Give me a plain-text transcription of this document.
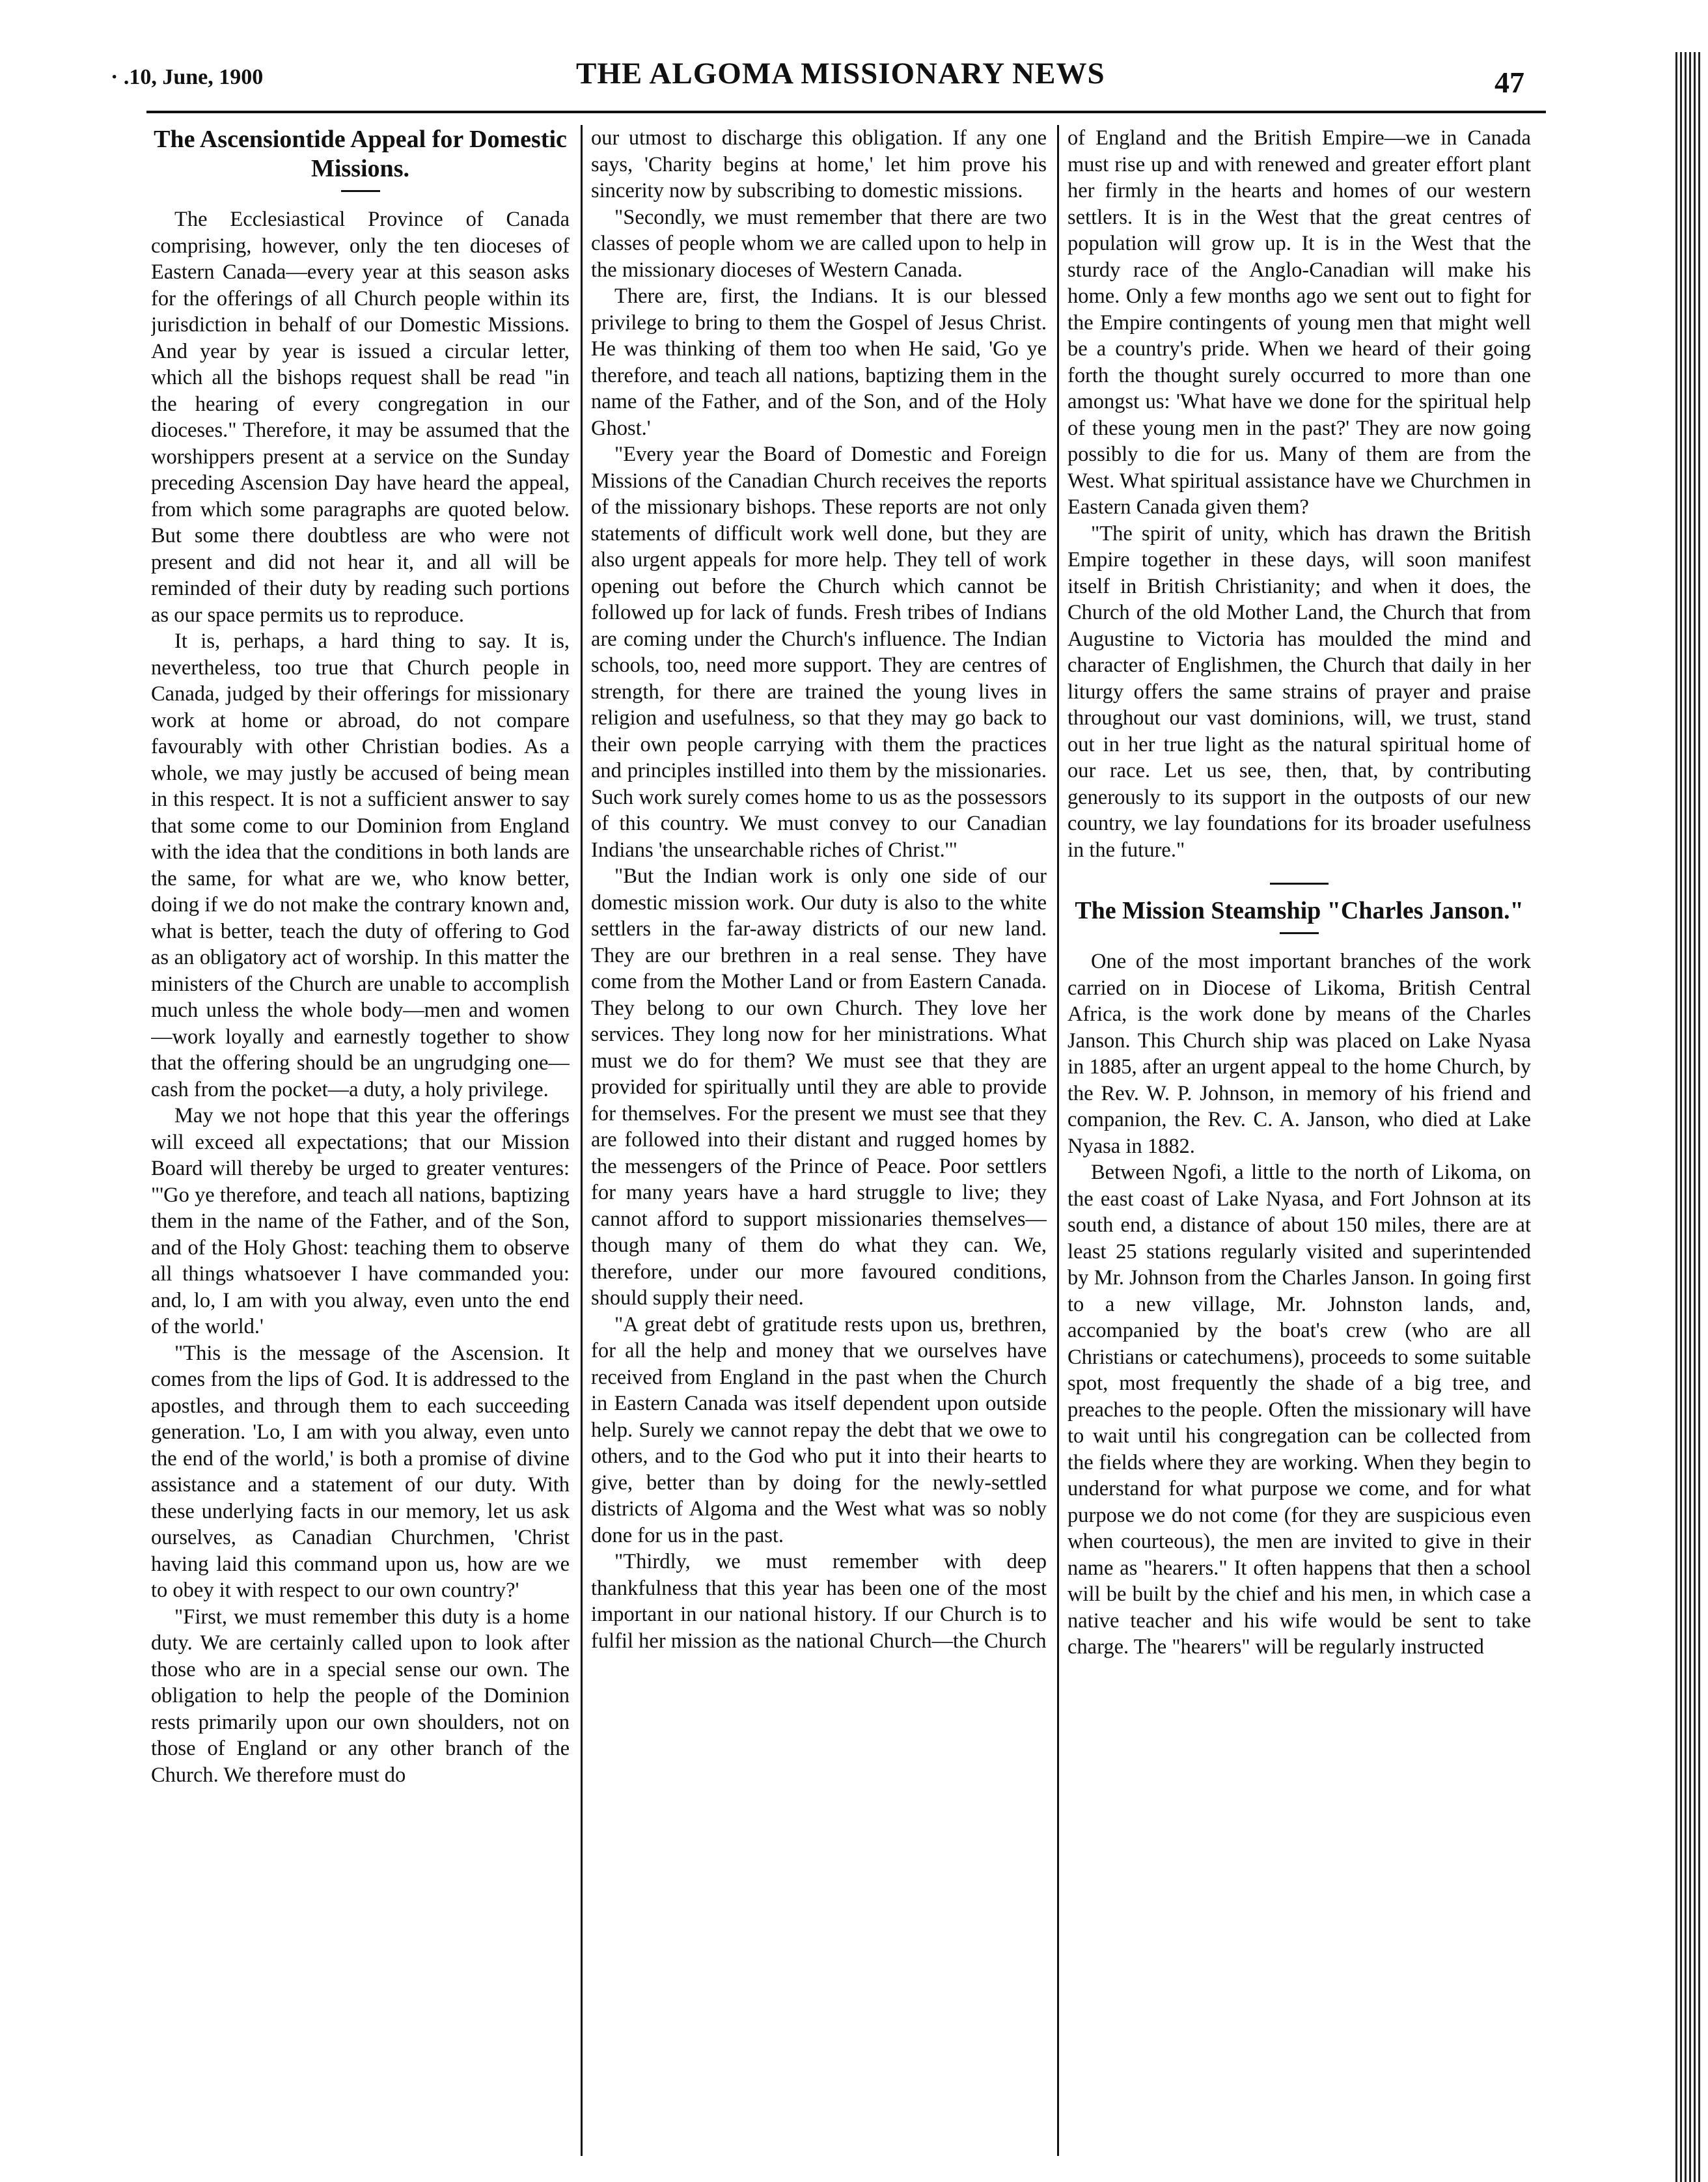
· .10, June, 1900	THE ALGOMA MISSIONARY NEWS	47
The Ascensiontide Appeal for Domestic Missions.

The Ecclesiastical Province of Canada comprising, however, only the ten dioceses of Eastern Canada—every year at this season asks for the offerings of all Church people within its jurisdiction in behalf of our Domestic Missions. And year by year is issued a circular letter, which all the bishops request shall be read "in the hearing of every congregation in our dioceses." Therefore, it may be assumed that the worshippers present at a service on the Sunday preceding Ascension Day have heard the appeal, from which some paragraphs are quoted below. But some there doubtless are who were not present and did not hear it, and all will be reminded of their duty by reading such portions as our space permits us to reproduce.

It is, perhaps, a hard thing to say. It is, nevertheless, too true that Church people in Canada, judged by their offerings for missionary work at home or abroad, do not compare favourably with other Christian bodies. As a whole, we may justly be accused of being mean in this respect. It is not a sufficient answer to say that some come to our Dominion from England with the idea that the conditions in both lands are the same, for what are we, who know better, doing if we do not make the contrary known and, what is better, teach the duty of offering to God as an obligatory act of worship. In this matter the ministers of the Church are unable to accomplish much unless the whole body—men and women—work loyally and earnestly together to show that the offering should be an ungrudging one—cash from the pocket—a duty, a holy privilege.

May we not hope that this year the offerings will exceed all expectations; that our Mission Board will thereby be urged to greater ventures: "'Go ye therefore, and teach all nations, baptizing them in the name of the Father, and of the Son, and of the Holy Ghost: teaching them to observe all things whatsoever I have commanded you: and, lo, I am with you alway, even unto the end of the world.'

"This is the message of the Ascension. It comes from the lips of God. It is addressed to the apostles, and through them to each succeeding generation. 'Lo, I am with you alway, even unto the end of the world,' is both a promise of divine assistance and a statement of our duty. With these underlying facts in our memory, let us ask ourselves, as Canadian Churchmen, 'Christ having laid this command upon us, how are we to obey it with respect to our own country?'

"First, we must remember this duty is a home duty. We are certainly called upon to look after those who are in a special sense our own. The obligation to help the people of the Dominion rests primarily upon our own shoulders, not on those of England or any other branch of the Church. We therefore must do

our utmost to discharge this obligation. If any one says, 'Charity begins at home,' let him prove his sincerity now by subscribing to domestic missions.

"Secondly, we must remember that there are two classes of people whom we are called upon to help in the missionary dioceses of Western Canada.

There are, first, the Indians. It is our blessed privilege to bring to them the Gospel of Jesus Christ. He was thinking of them too when He said, 'Go ye therefore, and teach all nations, baptizing them in the name of the Father, and of the Son, and of the Holy Ghost.'

"Every year the Board of Domestic and Foreign Missions of the Canadian Church receives the reports of the missionary bishops. These reports are not only statements of difficult work well done, but they are also urgent appeals for more help. They tell of work opening out before the Church which cannot be followed up for lack of funds. Fresh tribes of Indians are coming under the Church's influence. The Indian schools, too, need more support. They are centres of strength, for there are trained the young lives in religion and usefulness, so that they may go back to their own people carrying with them the practices and principles instilled into them by the missionaries. Such work surely comes home to us as the possessors of this country. We must convey to our Canadian Indians 'the unsearchable riches of Christ.'"

"But the Indian work is only one side of our domestic mission work. Our duty is also to the white settlers in the far-away districts of our new land. They are our brethren in a real sense. They have come from the Mother Land or from Eastern Canada. They belong to our own Church. They love her services. They long now for her ministrations. What must we do for them? We must see that they are provided for spiritually until they are able to provide for themselves. For the present we must see that they are followed into their distant and rugged homes by the messengers of the Prince of Peace. Poor settlers for many years have a hard struggle to live; they cannot afford to support missionaries themselves—though many of them do what they can. We, therefore, under our more favoured conditions, should supply their need.

"A great debt of gratitude rests upon us, brethren, for all the help and money that we ourselves have received from England in the past when the Church in Eastern Canada was itself dependent upon outside help. Surely we cannot repay the debt that we owe to others, and to the God who put it into their hearts to give, better than by doing for the newly-settled districts of Algoma and the West what was so nobly done for us in the past.

"Thirdly, we must remember with deep thankfulness that this year has been one of the most important in our national history. If our Church is to fulfil her mission as the national Church—the Church

of England and the British Empire—we in Canada must rise up and with renewed and greater effort plant her firmly in the hearts and homes of our western settlers. It is in the West that the great centres of population will grow up. It is in the West that the sturdy race of the Anglo-Canadian will make his home. Only a few months ago we sent out to fight for the Empire contingents of young men that might well be a country's pride. When we heard of their going forth the thought surely occurred to more than one amongst us: 'What have we done for the spiritual help of these young men in the past?' They are now going possibly to die for us. Many of them are from the West. What spiritual assistance have we Churchmen in Eastern Canada given them?

"The spirit of unity, which has drawn the British Empire together in these days, will soon manifest itself in British Christianity; and when it does, the Church of the old Mother Land, the Church that from Augustine to Victoria has moulded the mind and character of Englishmen, the Church that daily in her liturgy offers the same strains of prayer and praise throughout our vast dominions, will, we trust, stand out in her true light as the natural spiritual home of our race. Let us see, then, that, by contributing generously to its support in the outposts of our new country, we lay foundations for its broader usefulness in the future."

The Mission Steamship "Charles Janson."

One of the most important branches of the work carried on in Diocese of Likoma, British Central Africa, is the work done by means of the Charles Janson. This Church ship was placed on Lake Nyasa in 1885, after an urgent appeal to the home Church, by the Rev. W. P. Johnson, in memory of his friend and companion, the Rev. C. A. Janson, who died at Lake Nyasa in 1882.

Between Ngofi, a little to the north of Likoma, on the east coast of Lake Nyasa, and Fort Johnson at its south end, a distance of about 150 miles, there are at least 25 stations regularly visited and superintended by Mr. Johnson from the Charles Janson. In going first to a new village, Mr. Johnston lands, and, accompanied by the boat's crew (who are all Christians or catechumens), proceeds to some suitable spot, most frequently the shade of a big tree, and preaches to the people. Often the missionary will have to wait until his congregation can be collected from the fields where they are working. When they begin to understand for what purpose we come, and for what purpose we do not come (for they are suspicious even when courteous), the men are invited to give in their name as "hearers." It often happens that then a school will be built by the chief and his men, in which case a native teacher and his wife would be sent to take charge. The "hearers" will be regularly instructed
